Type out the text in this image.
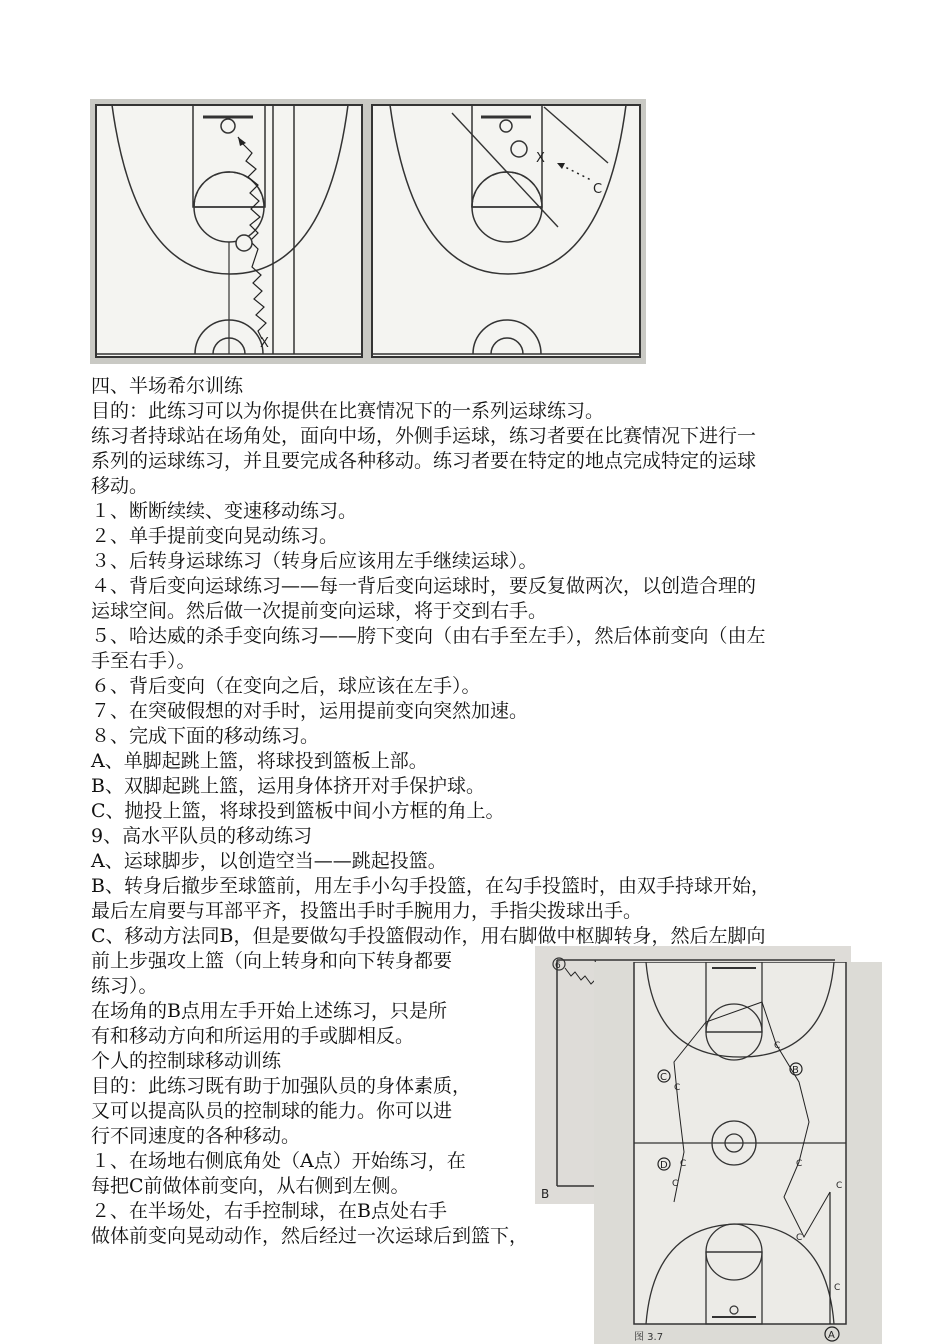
X
X
C
6
B
C
B
D
C
C
C	C
C	C
C
C
A
图 3.7

四、半场希尔训练

目的：此练习可以为你提供在比赛情况下的一系列运球练习。

练习者持球站在场角处，面向中场，外侧手运球，练习者要在比赛情况下进行一

系列的运球练习，并且要完成各种移动。练习者要在特定的地点完成特定的运球

移动。

１、断断续续、变速移动练习。

２、单手提前变向晃动练习。

３、后转身运球练习（转身后应该用左手继续运球）。

４、背后变向运球练习——每一背后变向运球时，要反复做两次，以创造合理的

运球空间。然后做一次提前变向运球，将于交到右手。

５、哈达威的杀手变向练习——胯下变向（由右手至左手），然后体前变向（由左

手至右手）。

６、背后变向（在变向之后，球应该在左手）。

７、在突破假想的对手时，运用提前变向突然加速。

８、完成下面的移动练习。

A、单脚起跳上篮，将球投到篮板上部。

B、双脚起跳上篮，运用身体挤开对手保护球。

C、抛投上篮，将球投到篮板中间小方框的角上。

9、高水平队员的移动练习

A、运球脚步，以创造空当——跳起投篮。

B、转身后撤步至球篮前，用左手小勾手投篮，在勾手投篮时，由双手持球开始，

最后左肩要与耳部平齐，投篮出手时手腕用力，手指尖拨球出手。

C、移动方法同B，但是要做勾手投篮假动作，用右脚做中枢脚转身，然后左脚向

前上步强攻上篮（向上转身和向下转身都要

练习）。

在场角的B点用左手开始上述练习，只是所

有和移动方向和所运用的手或脚相反。

个人的控制球移动训练

目的：此练习既有助于加强队员的身体素质，

又可以提高队员的控制球的能力。你可以进

行不同速度的各种移动。

１、在场地右侧底角处（A点）开始练习，在

每把C前做体前变向，从右侧到左侧。

２、在半场处，右手控制球，在B点处右手

做体前变向晃动动作，然后经过一次运球后到篮下，
